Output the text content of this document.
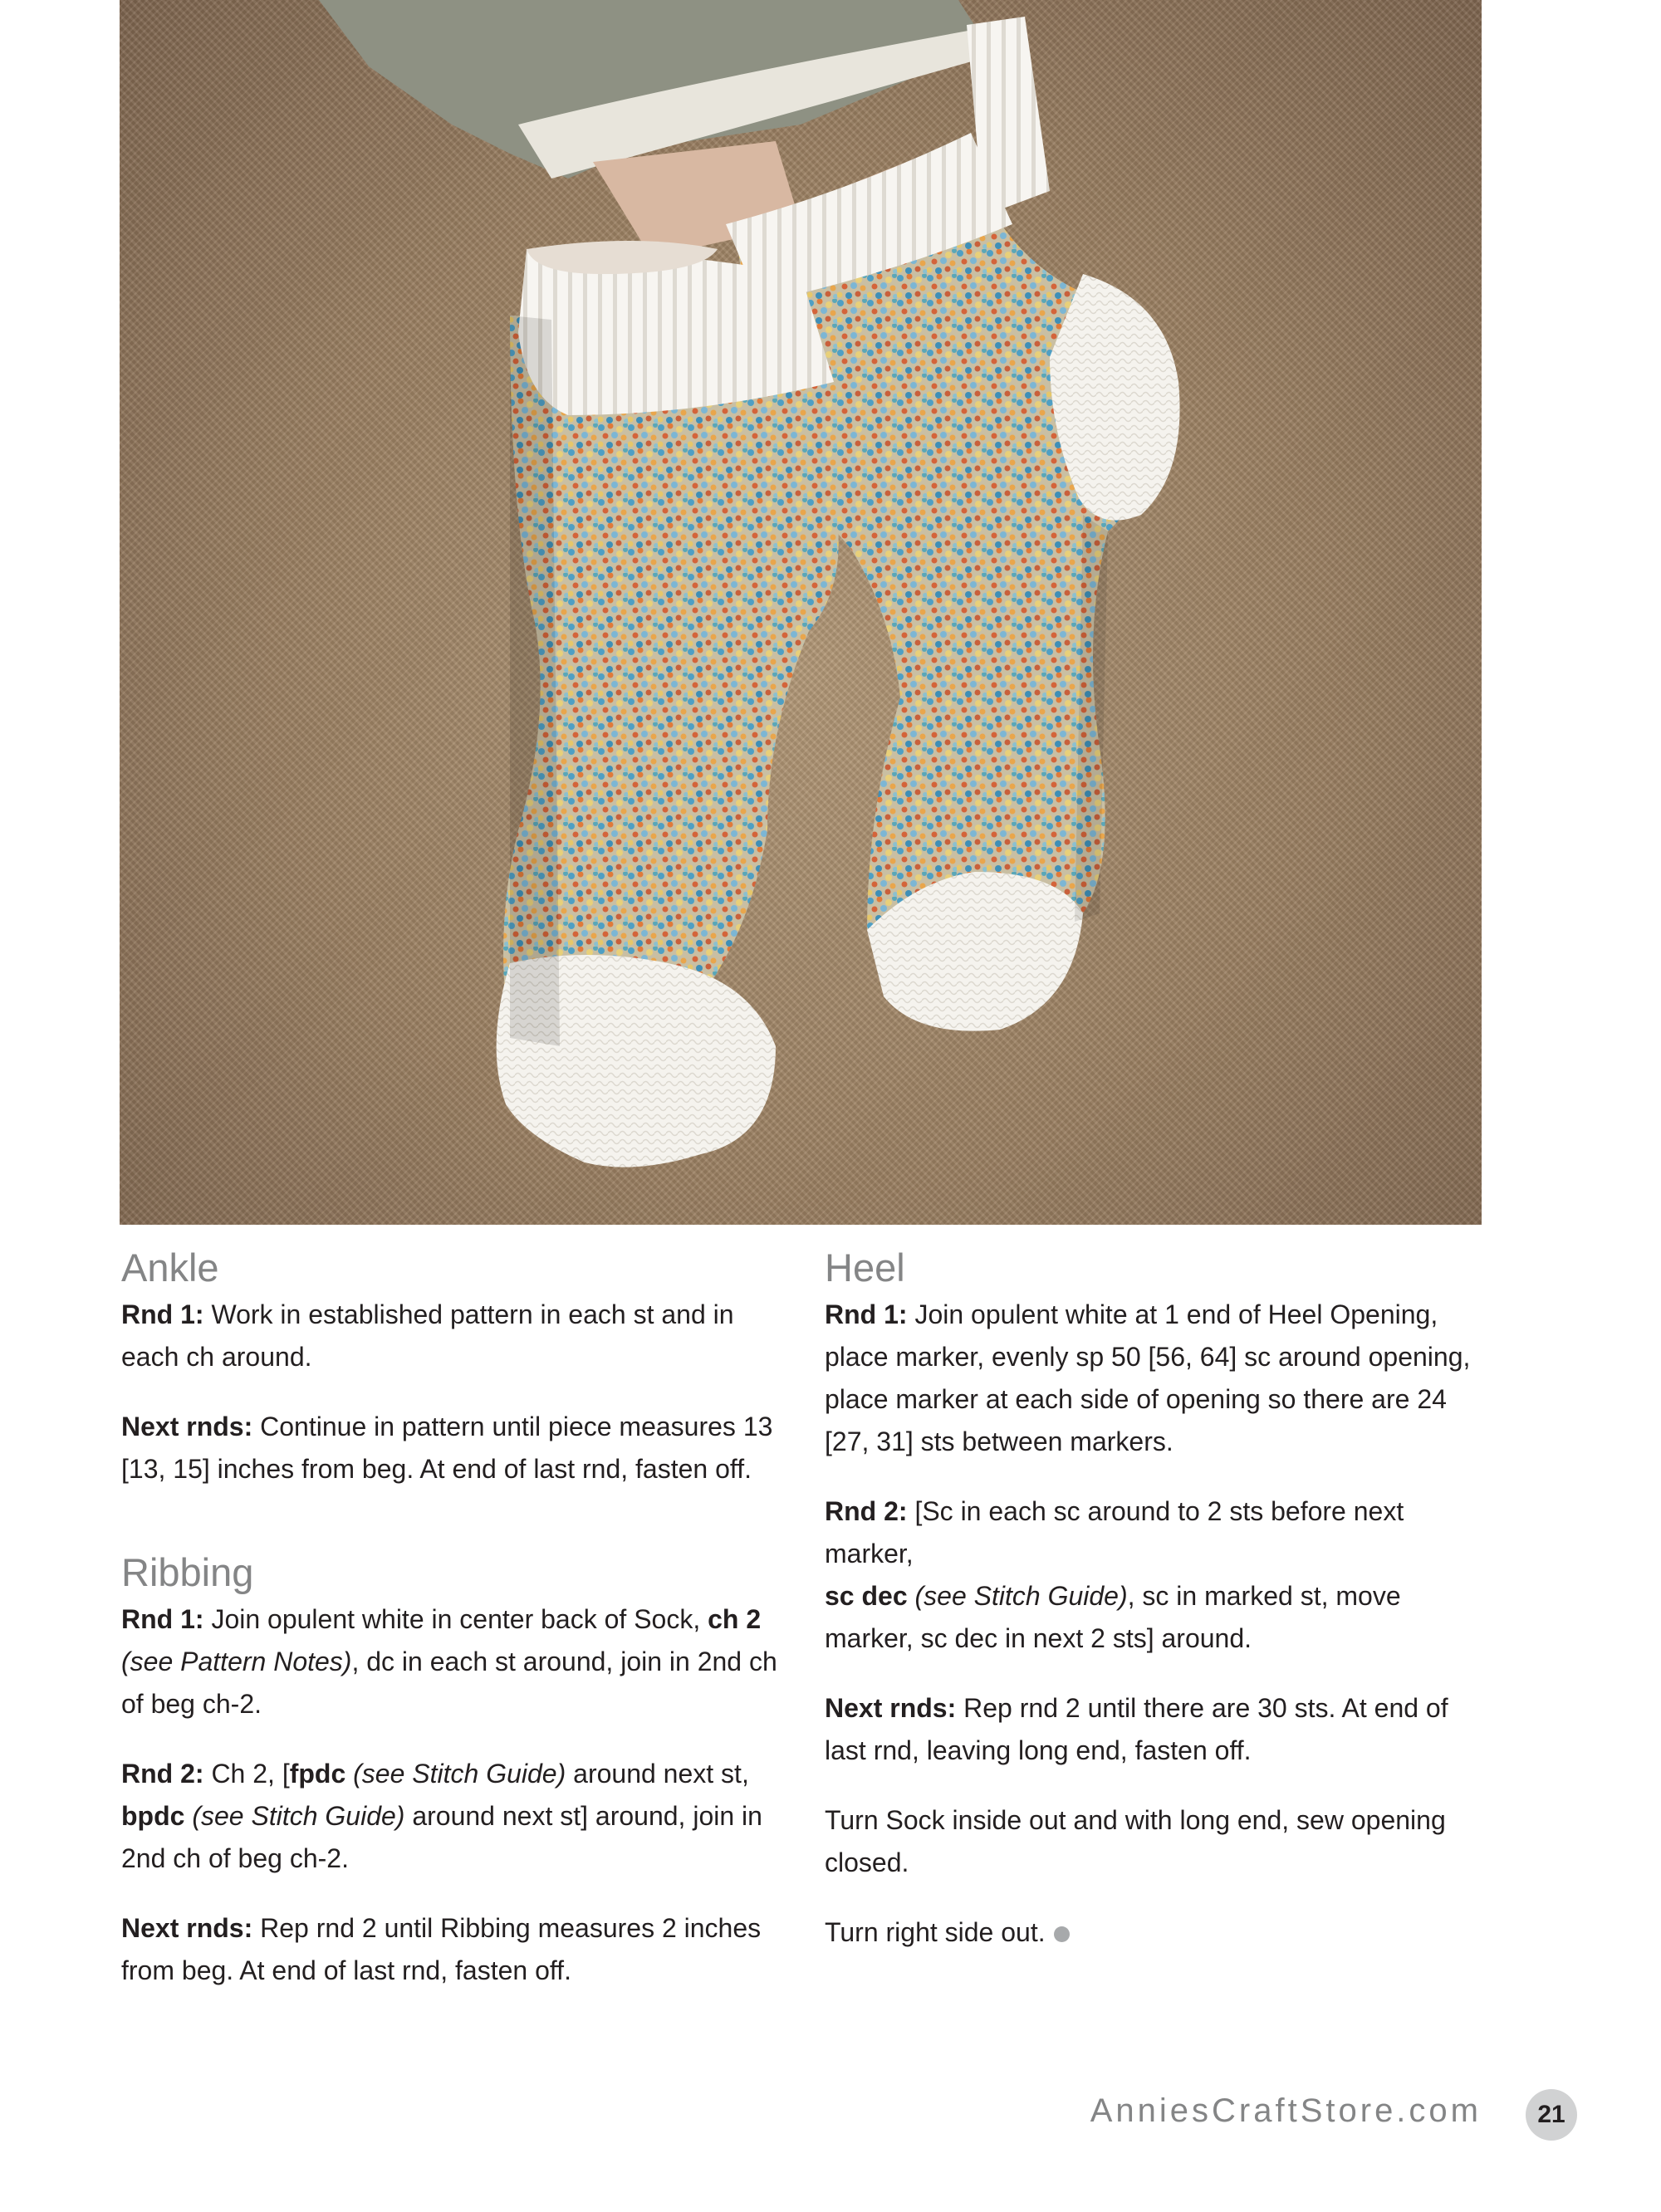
Ankle

Rnd 1: Work in established pattern in each st and in each ch around.

Next rnds: Continue in pattern until piece measures 13 [13, 15] inches from beg. At end of last rnd, fasten off.

Ribbing

Rnd 1: Join opulent white in center back of Sock, ch 2
(see Pattern Notes), dc in each st around, join in 2nd ch of beg ch-2.

Rnd 2: Ch 2, [fpdc (see Stitch Guide) around next st,
bpdc (see Stitch Guide) around next st] around, join in 2nd ch of beg ch-2.

Next rnds: Rep rnd 2 until Ribbing measures 2 inches from beg. At end of last rnd, fasten off.

Heel

Rnd 1: Join opulent white at 1 end of Heel Opening, place marker, evenly sp 50 [56, 64] sc around opening, place marker at each side of opening so there are 24 [27, 31] sts between markers.

Rnd 2: [Sc in each sc around to 2 sts before next marker,
sc dec (see Stitch Guide), sc in marked st, move marker, sc dec in next 2 sts] around.

Next rnds: Rep rnd 2 until there are 30 sts. At end of last rnd, leaving long end, fasten off.

Turn Sock inside out and with long end, sew opening closed.

Turn right side out.

AnniesCraftStore.com	21
